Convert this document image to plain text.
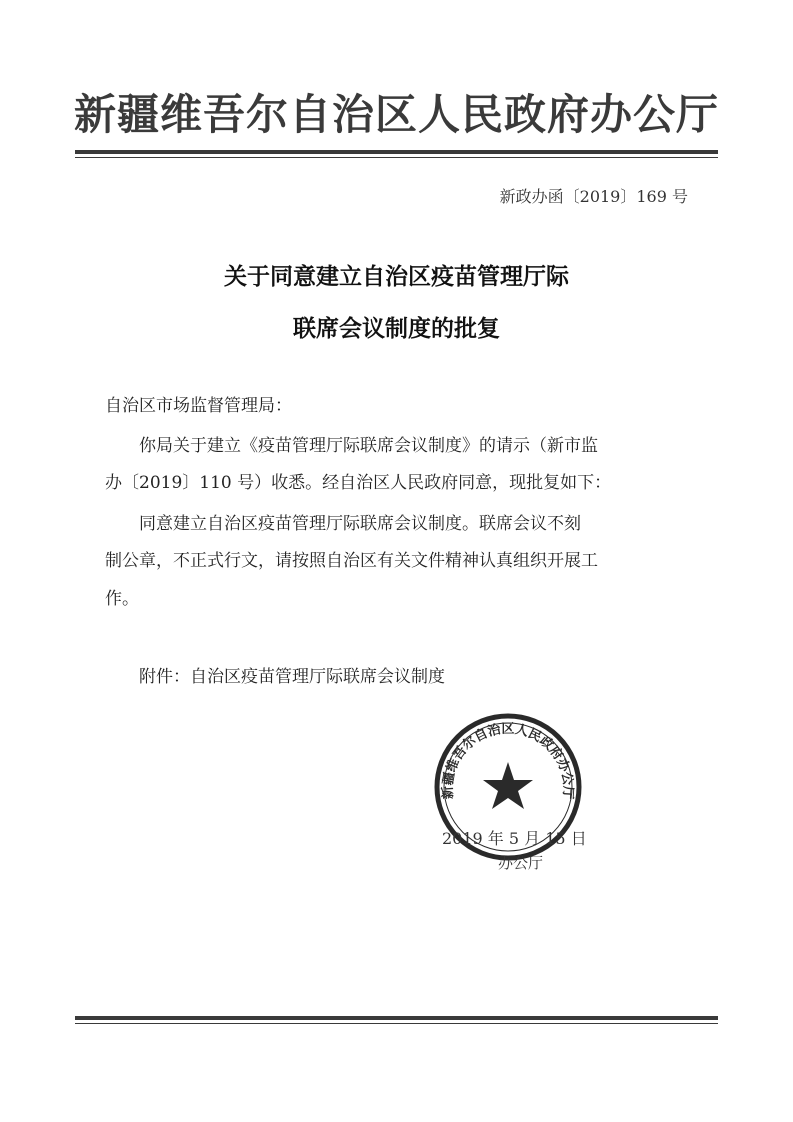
新疆维吾尔自治区人民政府办公厅
新政办函〔2019〕169 号
关于同意建立自治区疫苗管理厅际
联席会议制度的批复
自治区市场监督管理局：
　　你局关于建立《疫苗管理厅际联席会议制度》的请示（新市监
办〔2019〕110 号）收悉。经自治区人民政府同意，现批复如下：
　　同意建立自治区疫苗管理厅际联席会议制度。联席会议不刻
制公章，不正式行文，请按照自治区有关文件精神认真组织开展工
作。
　　附件：自治区疫苗管理厅际联席会议制度
新疆维吾尔自治区人民政府办公厅
2019 年 5 月 15 日
办公厅
